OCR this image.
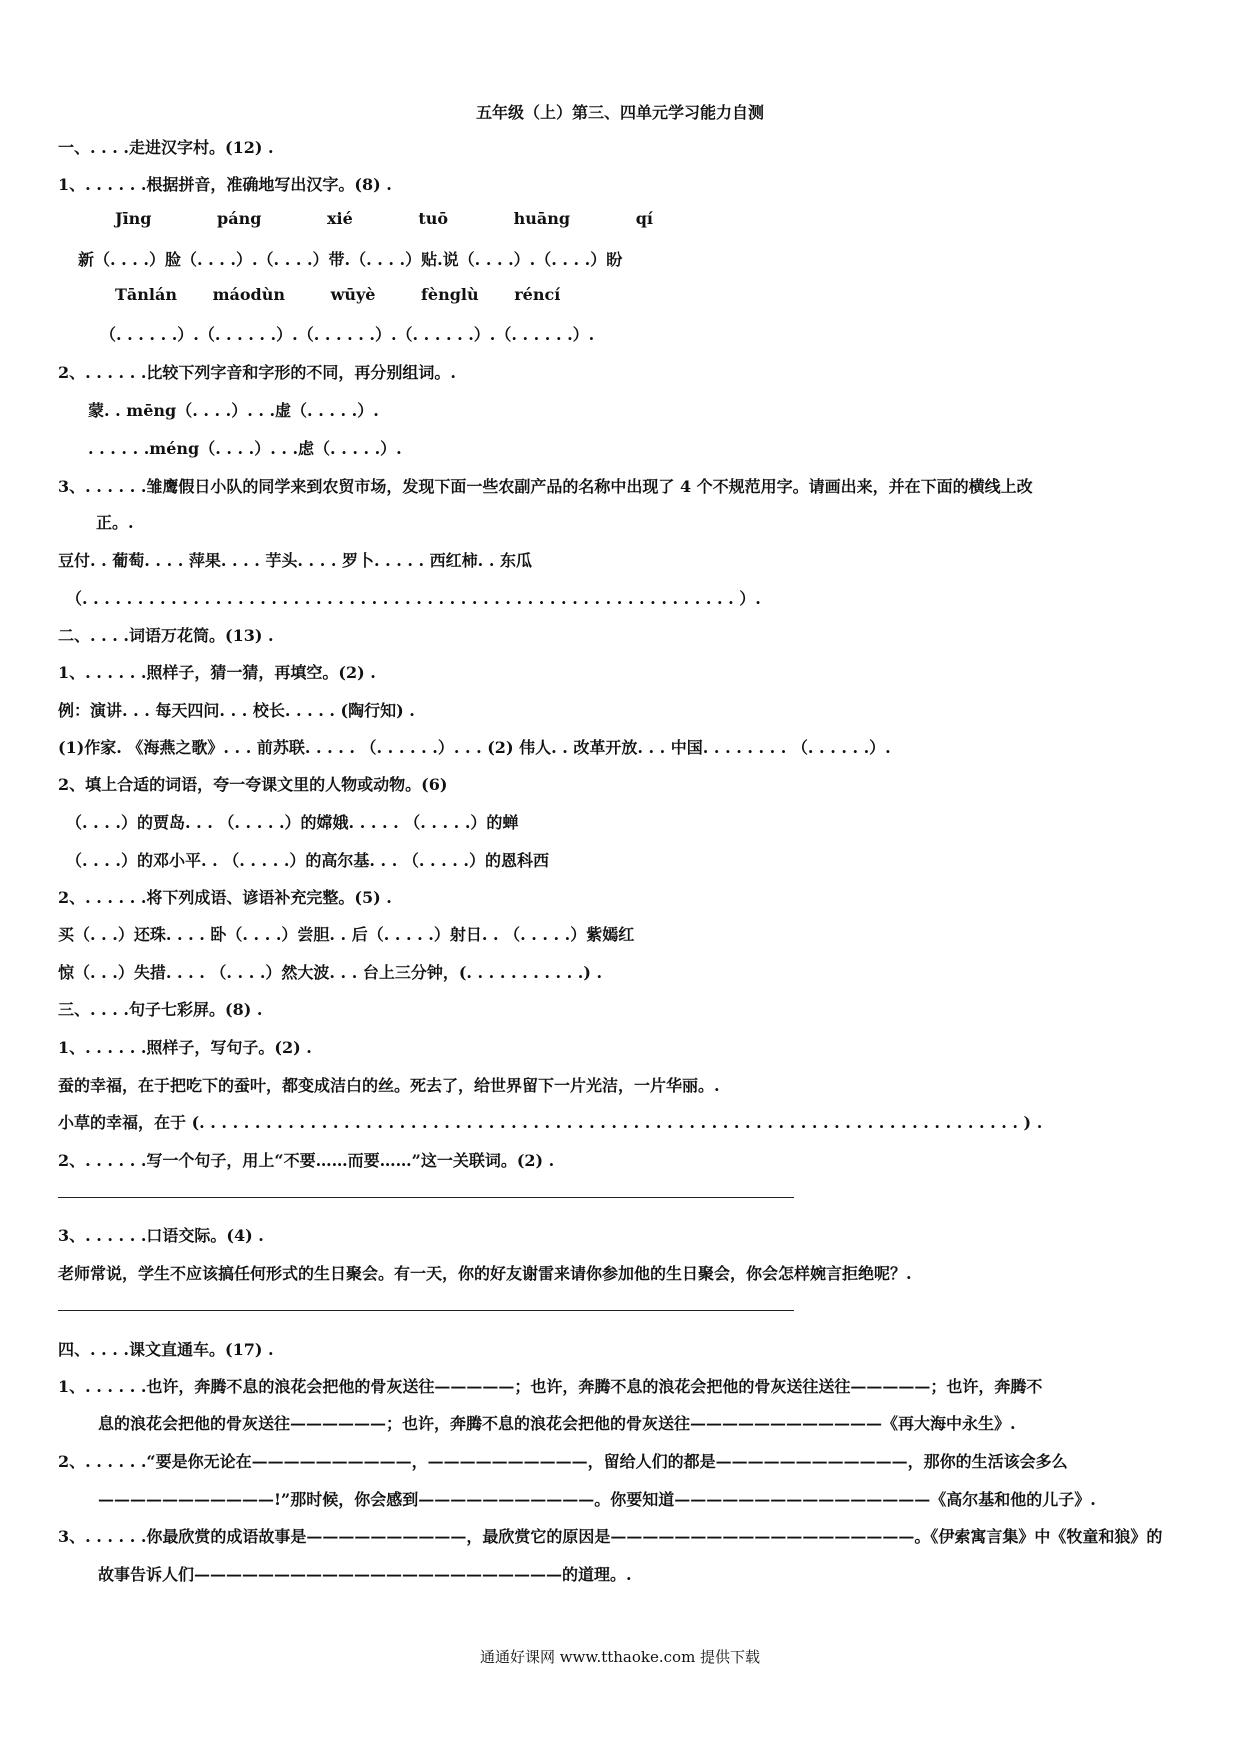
五年级（上）第三、四单元学习能力自测
一、. . . .走进汉字村。(12) .
1、. . . . . .根据拼音，准确地写出汉字。(8) .
Jīng	páng	xié	tuō	huāng	qí
新（. . . .）脸（. . . .）.（. . . .）带.（. . . .）贴.说（. . . .）.（. . . .）盼
Tānlán máodùn	wūyè	fènglù réncí
（. . . . . .）.（. . . . . .）.（. . . . . .）.（. . . . . .）.（. . . . . .）.
2、. . . . . .比较下列字音和字形的不同，再分别组词。.
蒙. . mēng（. . . .）. . .虚（. . . . .）.
. . . . . .méng（. . . .）. . .虑（. . . . .）.
3、. . . . . .雏鹰假日小队的同学来到农贸市场，发现下面一些农副产品的名称中出现了 4 个不规范用字。请画出来，并在下面的横线上改
正。.
豆付. . 葡萄. . . . 萍果. . . . 芋头. . . . 罗卜. . . . . 西红柿. . 东瓜
（. . . . . . . . . . . . . . . . . . . . . . . . . . . . . . . . . . . . . . . . . . . . . . . . . . . . . . . . . . . ）.
二、. . . .词语万花筒。(13) .
1、. . . . . .照样子，猜一猜，再填空。(2) .
例：演讲. . . 每天四问. . . 校长. . . . . (陶行知) .
(1)作家. 《海燕之歌》. . . 前苏联. . . . . （. . . . . .）. . . (2) 伟人. . 改革开放. . . 中国. . . . . . . . （. . . . . .）.
2、填上合适的词语，夸一夸课文里的人物或动物。(6)
（. . . .）的贾岛. . . （. . . . .）的嫦娥. . . . . （. . . . .）的蝉
（. . . .）的邓小平. . （. . . . .）的高尔基. . . （. . . . .）的恩科西
2、. . . . . .将下列成语、谚语补充完整。(5) .
买（. . .）还珠. . . . 卧（. . . .）尝胆. . 后（. . . . .）射日. . （. . . . .）紫嫣红
惊（. . .）失措. . . . （. . . .）然大波. . . 台上三分钟，(. . . . . . . . . . .) .
三、. . . .句子七彩屏。(8) .
1、. . . . . .照样子，写句子。(2) .
蚕的幸福，在于把吃下的蚕叶，都变成洁白的丝。死去了，给世界留下一片光洁，一片华丽。.
小草的幸福，在于 (. . . . . . . . . . . . . . . . . . . . . . . . . . . . . . . . . . . . . . . . . . . . . . . . . . . . . . . . . . . . . . . . . . . . . . . . . . ) .
2、. . . . . .写一个句子，用上“不要……而要……”这一关联词。(2) .
3、. . . . . .口语交际。(4) .
老师常说，学生不应该搞任何形式的生日聚会。有一天，你的好友谢雷来请你参加他的生日聚会，你会怎样婉言拒绝呢？.
四、. . . .课文直通车。(17) .
1、. . . . . .也许，奔腾不息的浪花会把他的骨灰送往—————；也许，奔腾不息的浪花会把他的骨灰送往送往—————；也许，奔腾不
息的浪花会把他的骨灰送往——————；也许，奔腾不息的浪花会把他的骨灰送往————————————《再大海中永生》.
2、. . . . . .“要是你无论在——————————，——————————，留给人们的都是————————————，那你的生活该会多么
———————————!”那时候，你会感到———————————。你要知道————————————————《高尔基和他的儿子》.
3、. . . . . .你最欣赏的成语故事是——————————，最欣赏它的原因是———————————————————。《伊索寓言集》中《牧童和狼》的
故事告诉人们———————————————————————的道理。.
通通好课网 www.tthaoke.com 提供下载
